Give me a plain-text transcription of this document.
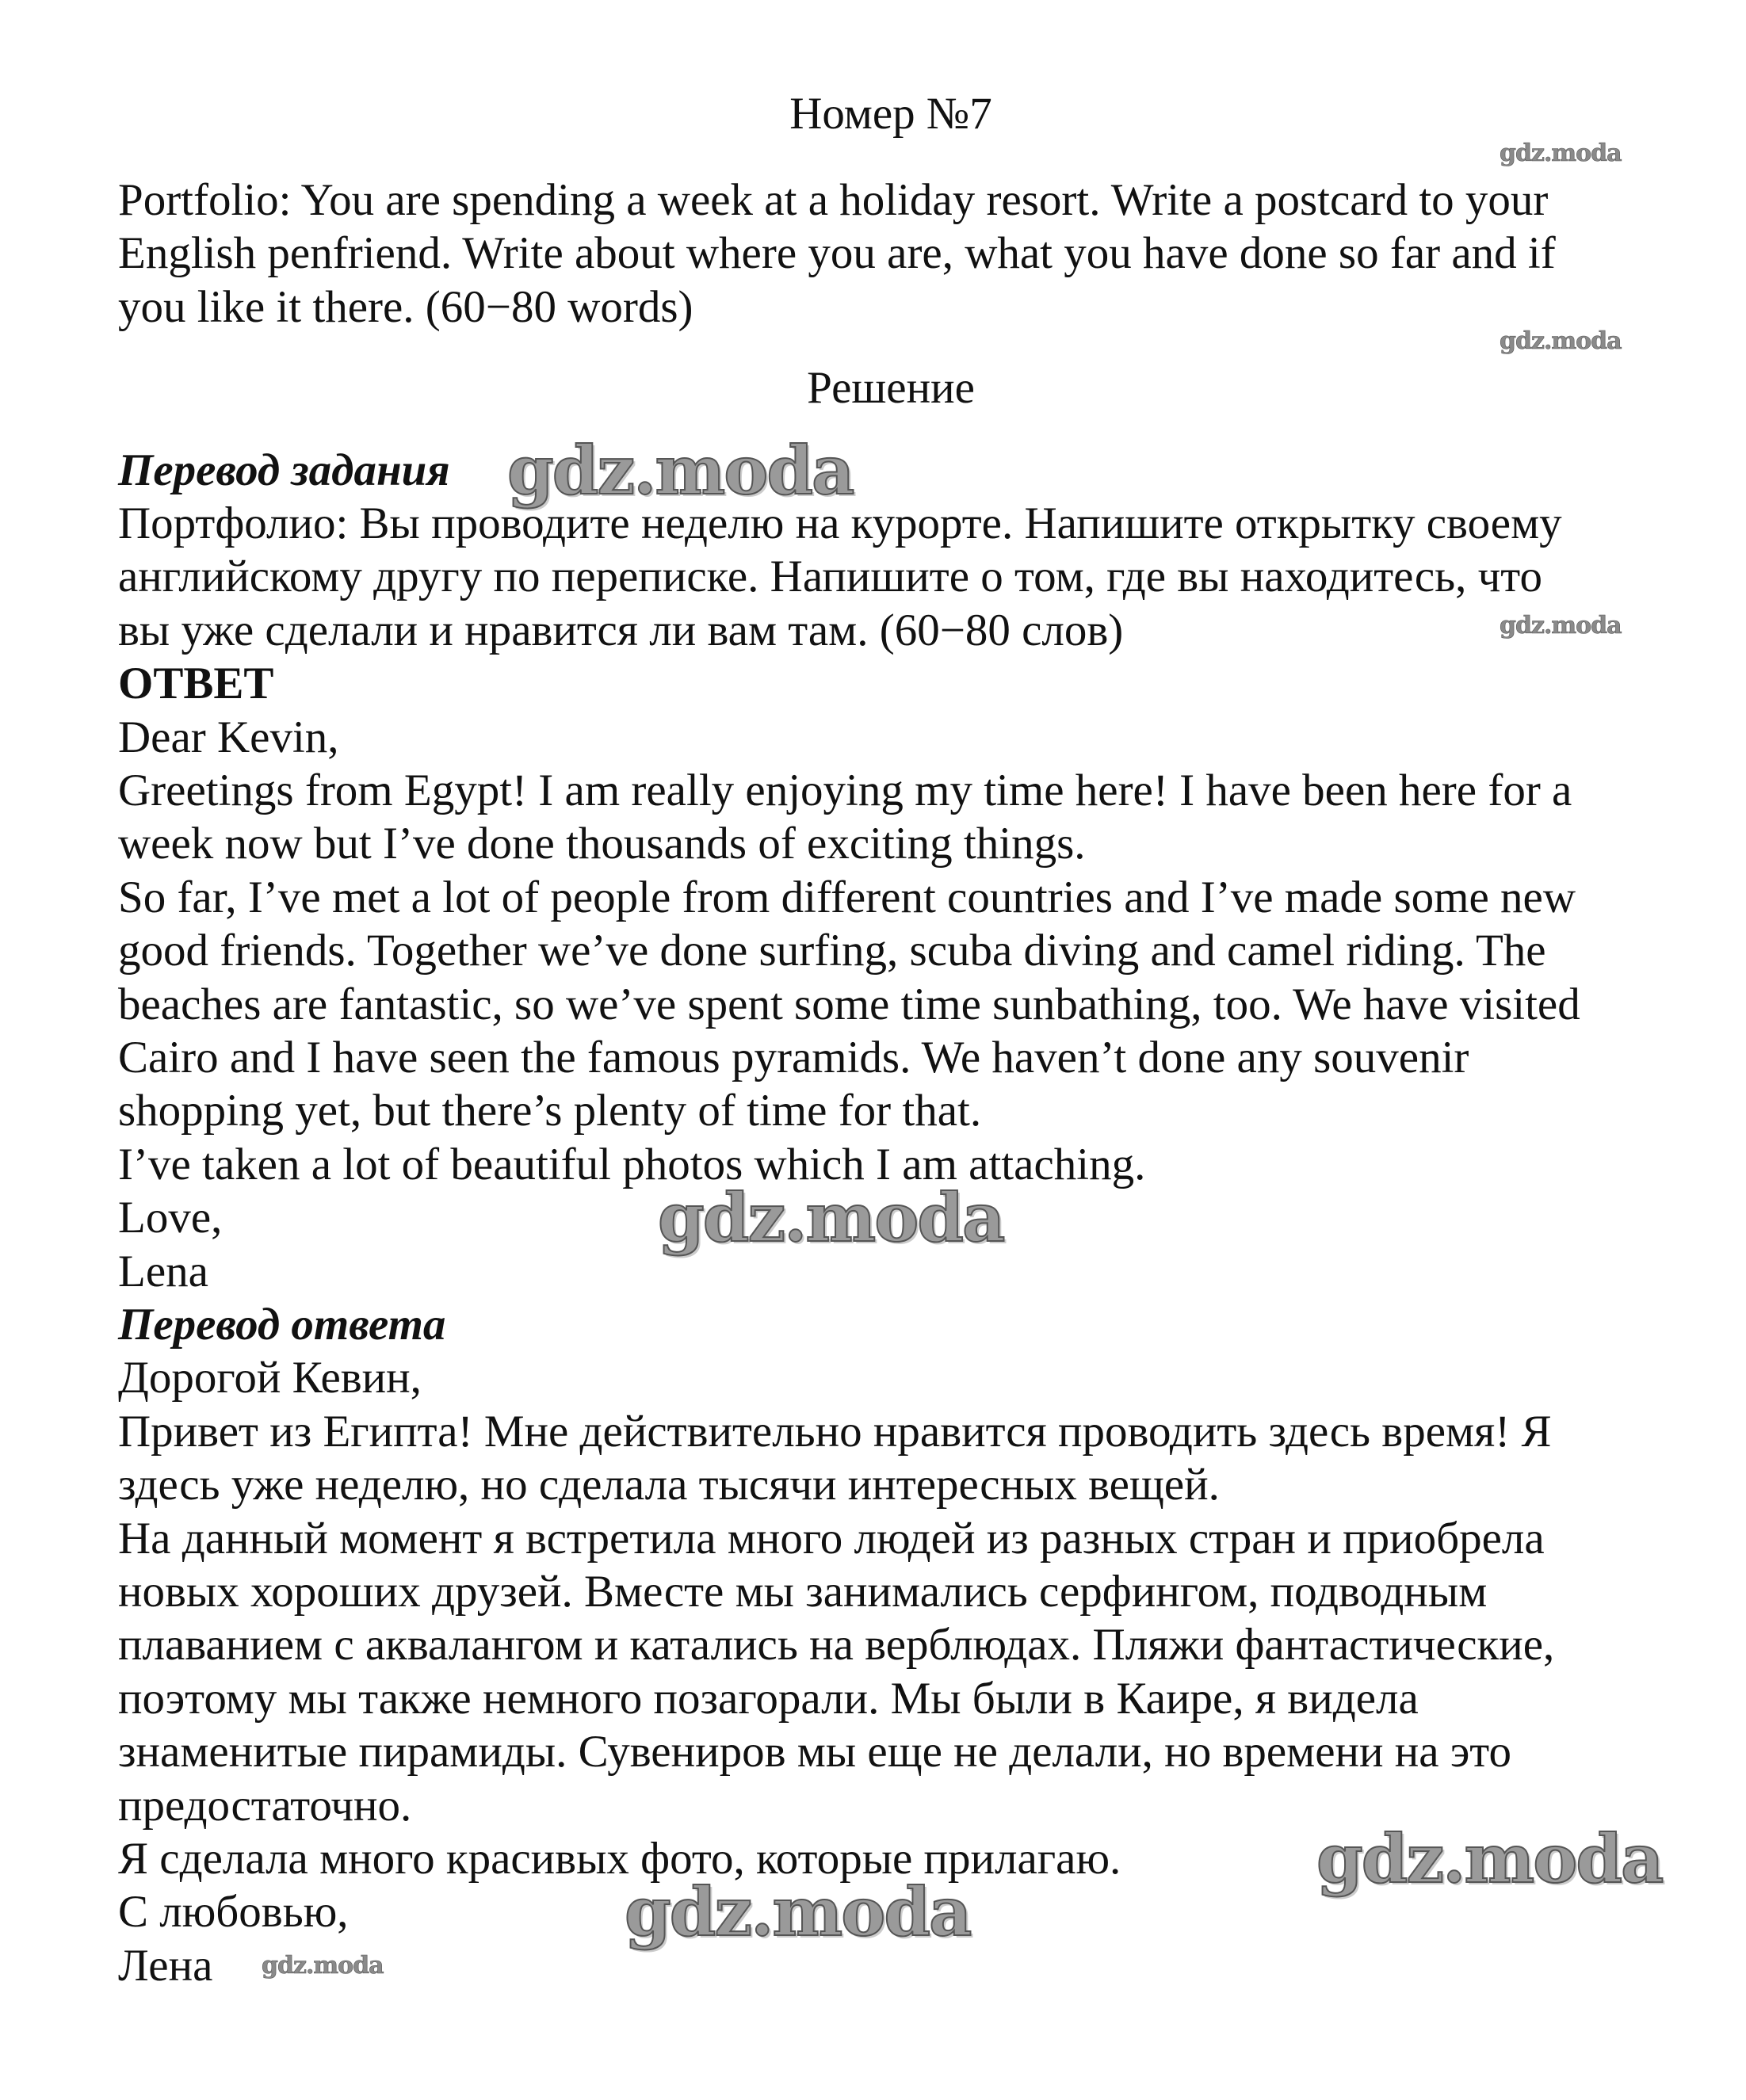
Номер №7
Portfolio: You are spending a week at a holiday resort. Write a postcard to your
English penfriend. Write about where you are, what you have done so far and if
you like it there. (60−80 words)
Решение
Перевод задания
Портфолио: Вы проводите неделю на курорте. Напишите открытку своему
английскому другу по переписке. Напишите о том, где вы находитесь, что
вы уже сделали и нравится ли вам там. (60−80 слов)
ОТВЕТ
Dear Kevin,
Greetings from Egypt! I am really enjoying my time here! I have been here for a
week now but I’ve done thousands of exciting things.
So far, I’ve met a lot of people from different countries and I’ve made some new
good friends. Together we’ve done surfing, scuba diving and camel riding. The
beaches are fantastic, so we’ve spent some time sunbathing, too. We have visited
Cairo and I have seen the famous pyramids. We haven’t done any souvenir
shopping yet, but there’s plenty of time for that.
I’ve taken a lot of beautiful photos which I am attaching.
Love,
Lena
Перевод ответа
Дорогой Кевин,
Привет из Египта! Мне действительно нравится проводить здесь время! Я
здесь уже неделю, но сделала тысячи интересных вещей.
На данный момент я встретила много людей из разных стран и приобрела
новых хороших друзей. Вместе мы занимались серфингом, подводным
плаванием с аквалангом и катались на верблюдах. Пляжи фантастические,
поэтому мы также немного позагорали. Мы были в Каире, я видела
знаменитые пирамиды. Сувениров мы еще не делали, но времени на это
предостаточно.
Я сделала много красивых фото, которые прилагаю.
С любовью,
Лена
gdz.moda
gdz.moda
gdz.moda
gdz.moda
gdz.moda
gdz.moda
gdz.moda
gdz.moda
